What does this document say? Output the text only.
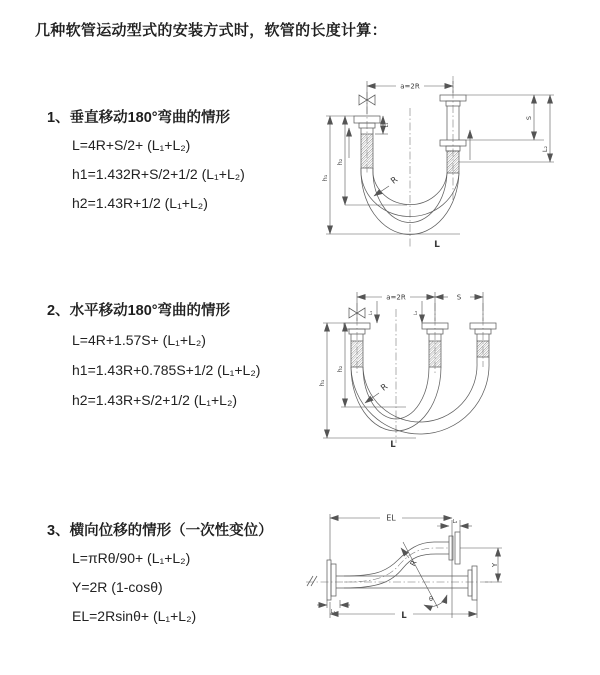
几种软管运动型式的安装方式时，软管的长度计算：
1、垂直移动180°弯曲的情形
L=4R+S/2+ (L₁+L₂)
h1=1.432R+S/2+1/2 (L₁+L₂)
h2=1.43R+1/2 (L₁+L₂)
2、水平移动180°弯曲的情形
L=4R+1.57S+ (L₁+L₂)
h1=1.43R+0.785S+1/2 (L₁+L₂)
h2=1.43R+S/2+1/2 (L₁+L₂)
3、横向位移的情形（一次性变位）
L=πRθ/90+ (L₁+L₂)
Y=2R (1-cosθ)
EL=2Rsinθ+ (L₁+L₂)
a=2R
h₁
h₂
L₁
S
L₂
R
L
a=2R	S
L₁	L₂
h₁
h₂
R
L
EL	L₂
Y
R
θ
L₁	L
